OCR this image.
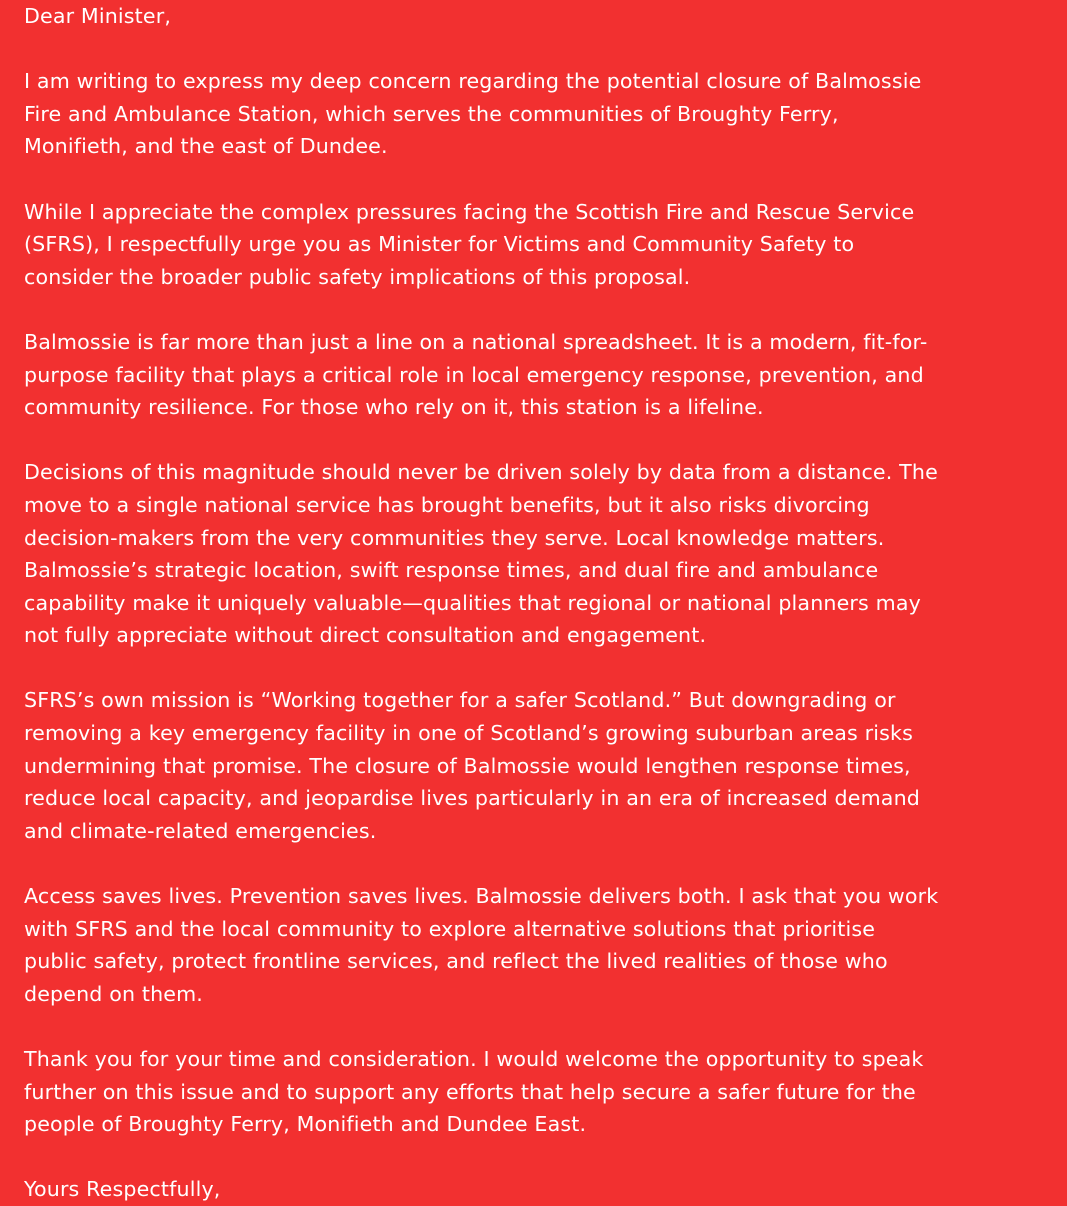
Dear Minister,
I am writing to express my deep concern regarding the potential closure of Balmossie
Fire and Ambulance Station, which serves the communities of Broughty Ferry,
Monifieth, and the east of Dundee.
While I appreciate the complex pressures facing the Scottish Fire and Rescue Service
(SFRS), I respectfully urge you as Minister for Victims and Community Safety to
consider the broader public safety implications of this proposal.
Balmossie is far more than just a line on a national spreadsheet. It is a modern, fit-for-
purpose facility that plays a critical role in local emergency response, prevention, and
community resilience. For those who rely on it, this station is a lifeline.
Decisions of this magnitude should never be driven solely by data from a distance. The
move to a single national service has brought benefits, but it also risks divorcing
decision-makers from the very communities they serve. Local knowledge matters.
Balmossie’s strategic location, swift response times, and dual fire and ambulance
capability make it uniquely valuable—qualities that regional or national planners may
not fully appreciate without direct consultation and engagement.
SFRS’s own mission is “Working together for a safer Scotland.” But downgrading or
removing a key emergency facility in one of Scotland’s growing suburban areas risks
undermining that promise. The closure of Balmossie would lengthen response times,
reduce local capacity, and jeopardise lives particularly in an era of increased demand
and climate-related emergencies.
Access saves lives. Prevention saves lives. Balmossie delivers both. I ask that you work
with SFRS and the local community to explore alternative solutions that prioritise
public safety, protect frontline services, and reflect the lived realities of those who
depend on them.
Thank you for your time and consideration. I would welcome the opportunity to speak
further on this issue and to support any efforts that help secure a safer future for the
people of Broughty Ferry, Monifieth and Dundee East.
Yours Respectfully,
